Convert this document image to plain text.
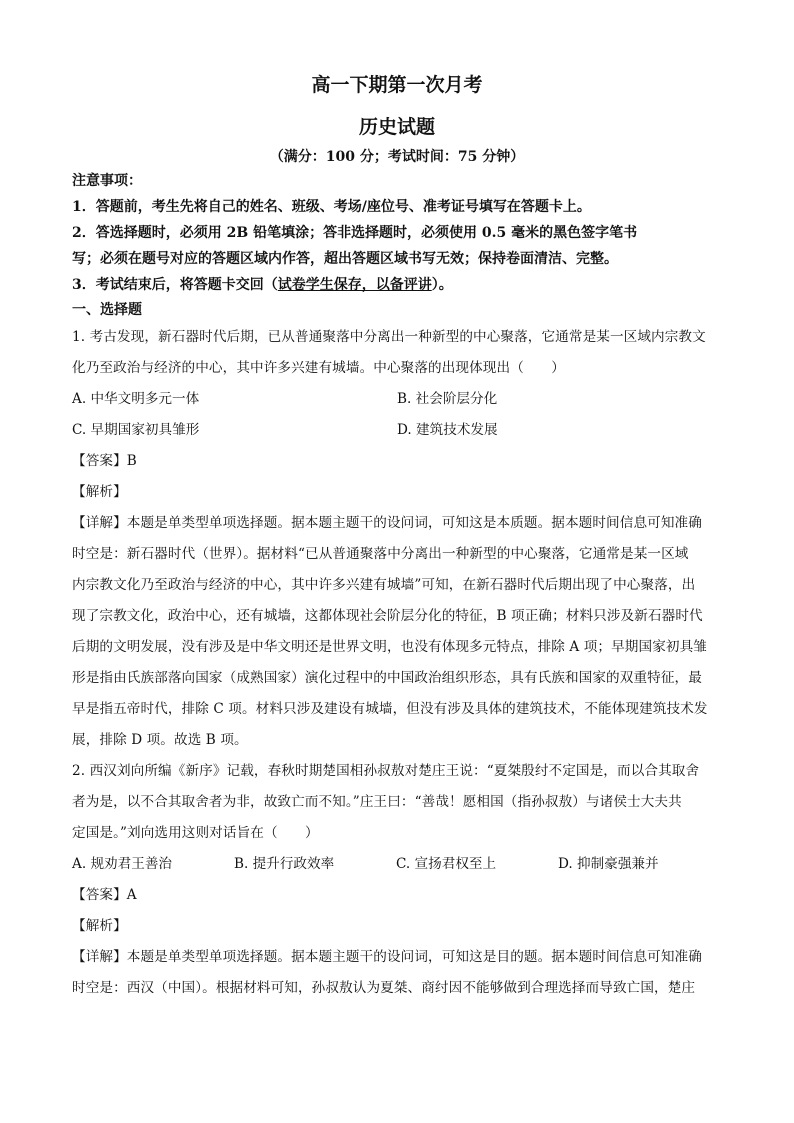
高一下期第一次月考
历史试题
（满分：100 分；考试时间：75 分钟）
注意事项：
1．答题前，考生先将自己的姓名、班级、考场/座位号、准考证号填写在答题卡上。
2．答选择题时，必须用 2B 铅笔填涂；答非选择题时，必须使用 0.5 毫米的黑色签字笔书
写；必须在题号对应的答题区域内作答，超出答题区域书写无效；保持卷面清洁、完整。
3．考试结束后，将答题卡交回（试卷学生保存，以备评讲）。
一、选择题
1. 考古发现，新石器时代后期，已从普通聚落中分离出一种新型的中心聚落，它通常是某一区域内宗教文
化乃至政治与经济的中心，其中许多兴建有城墙。中心聚落的出现体现出（　　）
A. 中华文明多元一体	B. 社会阶层分化
C. 早期国家初具雏形	D. 建筑技术发展
【答案】B
【解析】
【详解】本题是单类型单项选择题。据本题主题干的设问词，可知这是本质题。据本题时间信息可知准确
时空是：新石器时代（世界）。据材料“已从普通聚落中分离出一种新型的中心聚落，它通常是某一区域
内宗教文化乃至政治与经济的中心，其中许多兴建有城墙”可知，在新石器时代后期出现了中心聚落，出
现了宗教文化，政治中心，还有城墙，这都体现社会阶层分化的特征，B 项正确；材料只涉及新石器时代
后期的文明发展，没有涉及是中华文明还是世界文明，也没有体现多元特点，排除 A 项；早期国家初具雏
形是指由氏族部落向国家（成熟国家）演化过程中的中国政治组织形态，具有氏族和国家的双重特征，最
早是指五帝时代，排除 C 项。材料只涉及建设有城墙，但没有涉及具体的建筑技术，不能体现建筑技术发
展，排除 D 项。故选 B 项。
2. 西汉刘向所编《新序》记载，春秋时期楚国相孙叔敖对楚庄王说：“夏桀殷纣不定国是，而以合其取舍
者为是，以不合其取舍者为非，故致亡而不知。”庄王曰：“善哉！愿相国（指孙叔敖）与诸侯士大夫共
定国是。”刘向选用这则对话旨在（　　）
A. 规劝君王善治	B. 提升行政效率	C. 宣扬君权至上	D. 抑制豪强兼并
【答案】A
【解析】
【详解】本题是单类型单项选择题。据本题主题干的设问词，可知这是目的题。据本题时间信息可知准确
时空是：西汉（中国）。根据材料可知，孙叔敖认为夏桀、商纣因不能够做到合理选择而导致亡国，楚庄
